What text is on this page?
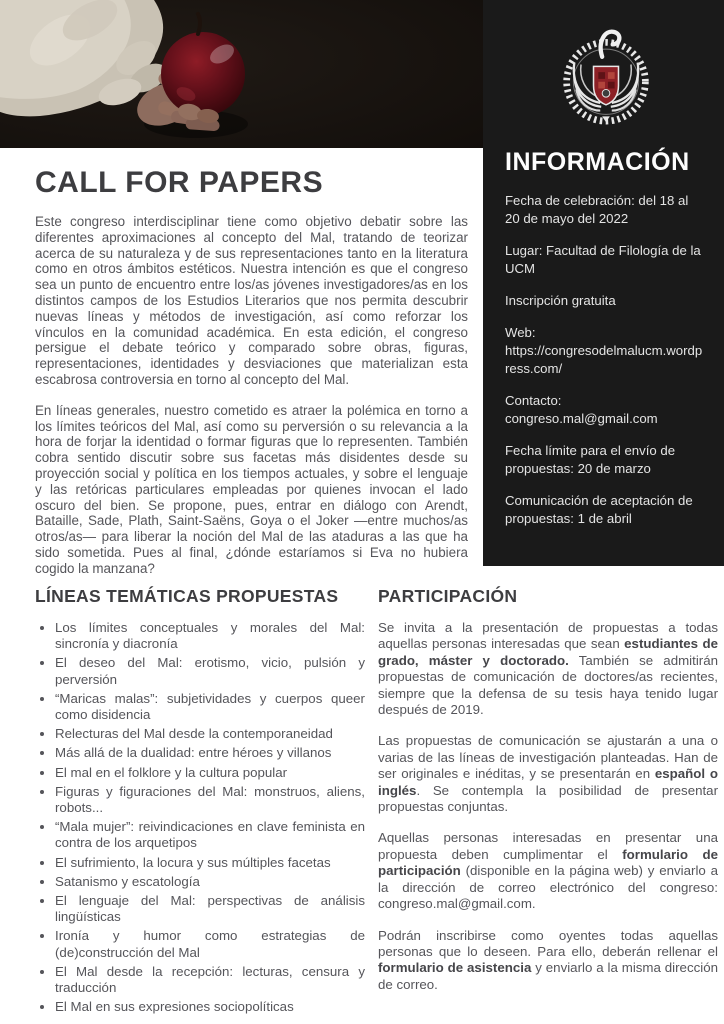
INFORMACIÓN
Fecha de celebración: del 18 al 20 de mayo del 2022
Lugar: Facultad de Filología de la UCM
Inscripción gratuita
Web:
https://congresodelmalucm.wordpress.com/
Contacto:
congreso.mal@gmail.com
Fecha límite para el envío de propuestas: 20 de marzo
Comunicación de aceptación de propuestas: 1 de abril
CALL FOR PAPERS

Este congreso interdisciplinar tiene como objetivo debatir sobre las diferentes aproximaciones al concepto del Mal, tratando de teorizar acerca de su naturaleza y de sus representaciones tanto en la literatura como en otros ámbitos estéticos. Nuestra intención es que el congreso sea un punto de encuentro entre los/as jóvenes investigadores/as en los distintos campos de los Estudios Literarios que nos permita descubrir nuevas líneas y métodos de investigación, así como reforzar los vínculos en la comunidad académica. En esta edición, el congreso persigue el debate teórico y comparado sobre obras, figuras, representaciones, identidades y desviaciones que materializan esta escabrosa controversia en torno al concepto del Mal.

En líneas generales, nuestro cometido es atraer la polémica en torno a los límites teóricos del Mal, así como su perversión o su relevancia a la hora de forjar la identidad o formar figuras que lo representen. También cobra sentido discutir sobre sus facetas más disidentes desde su proyección social y política en los tiempos actuales, y sobre el lenguaje y las retóricas particulares empleadas por quienes invocan el lado oscuro del bien. Se propone, pues, entrar en diálogo con Arendt, Bataille, Sade, Plath, Saint-Saëns, Goya o el Joker —entre muchos/as otros/as— para liberar la noción del Mal de las ataduras a las que ha sido sometida. Pues al final, ¿dónde estaríamos si Eva no hubiera cogido la manzana?

LÍNEAS TEMÁTICAS PROPUESTAS
• Los límites conceptuales y morales del Mal: sincronía y diacronía
• El deseo del Mal: erotismo, vicio, pulsión y perversión
• “Maricas malas”: subjetividades y cuerpos queer como disidencia
• Relecturas del Mal desde la contemporaneidad
• Más allá de la dualidad: entre héroes y villanos
• El mal en el folklore y la cultura popular
• Figuras y figuraciones del Mal: monstruos, aliens, robots...
• “Mala mujer”: reivindicaciones en clave feminista en contra de los arquetipos
• El sufrimiento, la locura y sus múltiples facetas
• Satanismo y escatología
• El lenguaje del Mal: perspectivas de análisis lingüísticas
• Ironía y humor como estrategias de (de)construcción del Mal
• El Mal desde la recepción: lecturas, censura y traducción
• El Mal en sus expresiones sociopolíticas
PARTICIPACIÓN

Se invita a la presentación de propuestas a todas aquellas personas interesadas que sean estudiantes de grado, máster y doctorado. También se admitirán propuestas de comunicación de doctores/as recientes, siempre que la defensa de su tesis haya tenido lugar después de 2019.

Las propuestas de comunicación se ajustarán a una o varias de las líneas de investigación planteadas. Han de ser originales e inéditas, y se presentarán en español o inglés. Se contempla la posibilidad de presentar propuestas conjuntas.

Aquellas personas interesadas en presentar una propuesta deben cumplimentar el formulario de participación (disponible en la página web) y enviarlo a la dirección de correo electrónico del congreso: congreso.mal@gmail.com.

Podrán inscribirse como oyentes todas aquellas personas que lo deseen. Para ello, deberán rellenar el formulario de asistencia y enviarlo a la misma dirección de correo.
